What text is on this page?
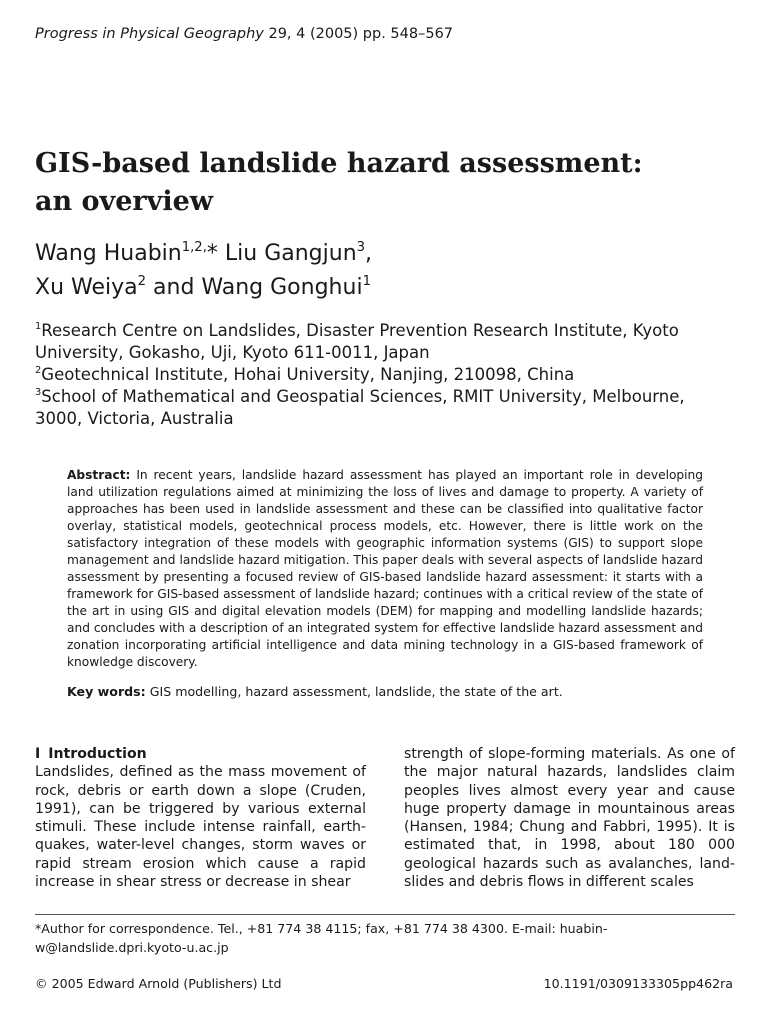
Progress in Physical Geography 29, 4 (2005) pp. 548–567
GIS-based landslide hazard assessment:
an overview
Wang Huabin$^{1,2,}$* Liu Gangjun$^3$,
Xu Weiya$^2$ and Wang Gonghui$^1$
$^1$Research Centre on Landslides, Disaster Prevention Research Institute, Kyoto University, Gokasho, Uji, Kyoto 611-0011, Japan
$^2$Geotechnical Institute, Hohai University, Nanjing, 210098, China
$^3$School of Mathematical and Geospatial Sciences, RMIT University, Melbourne, 3000, Victoria, Australia
Abstract: In recent years, landslide hazard assessment has played an important role in developing land utilization regulations aimed at minimizing the loss of lives and damage to property. A variety of approaches has been used in landslide assessment and these can be classified into qualitative factor overlay, statistical models, geotechnical process models, etc. However, there is little work on the satisfactory integration of these models with geographic information systems (GIS) to support slope management and landslide hazard mitigation. This paper deals with several aspects of landslide hazard assessment by presenting a focused review of GIS-based landslide hazard assessment: it starts with a framework for GIS-based assessment of landslide hazard; continues with a critical review of the state of the art in using GIS and digital elevation models (DEM) for mapping and modelling landslide hazards; and concludes with a description of an integrated system for effective landslide hazard assessment and zonation incorporating artificial intelligence and data mining technology in a GIS-based framework of knowledge discovery.
Key words: GIS modelling, hazard assessment, landslide, the state of the art.
I Introduction
Landslides, defined as the mass movement of rock, debris or earth down a slope (Cruden, 1991), can be triggered by various external stimuli. These include intense rainfall, earth-quakes, water-level changes, storm waves or rapid stream erosion which cause a rapid increase in shear stress or decrease in shear
strength of slope-forming materials. As one of the major natural hazards, landslides claim peoples lives almost every year and cause huge property damage in mountainous areas (Hansen, 1984; Chung and Fabbri, 1995). It is estimated that, in 1998, about 180 000 geological hazards such as avalanches, land-slides and debris flows in different scales
*Author for correspondence. Tel., +81 774 38 4115; fax, +81 774 38 4300. E-mail: huabin-w@landslide.dpri.kyoto-u.ac.jp
© 2005 Edward Arnold (Publishers) Ltd	10.1191/0309133305pp462ra
